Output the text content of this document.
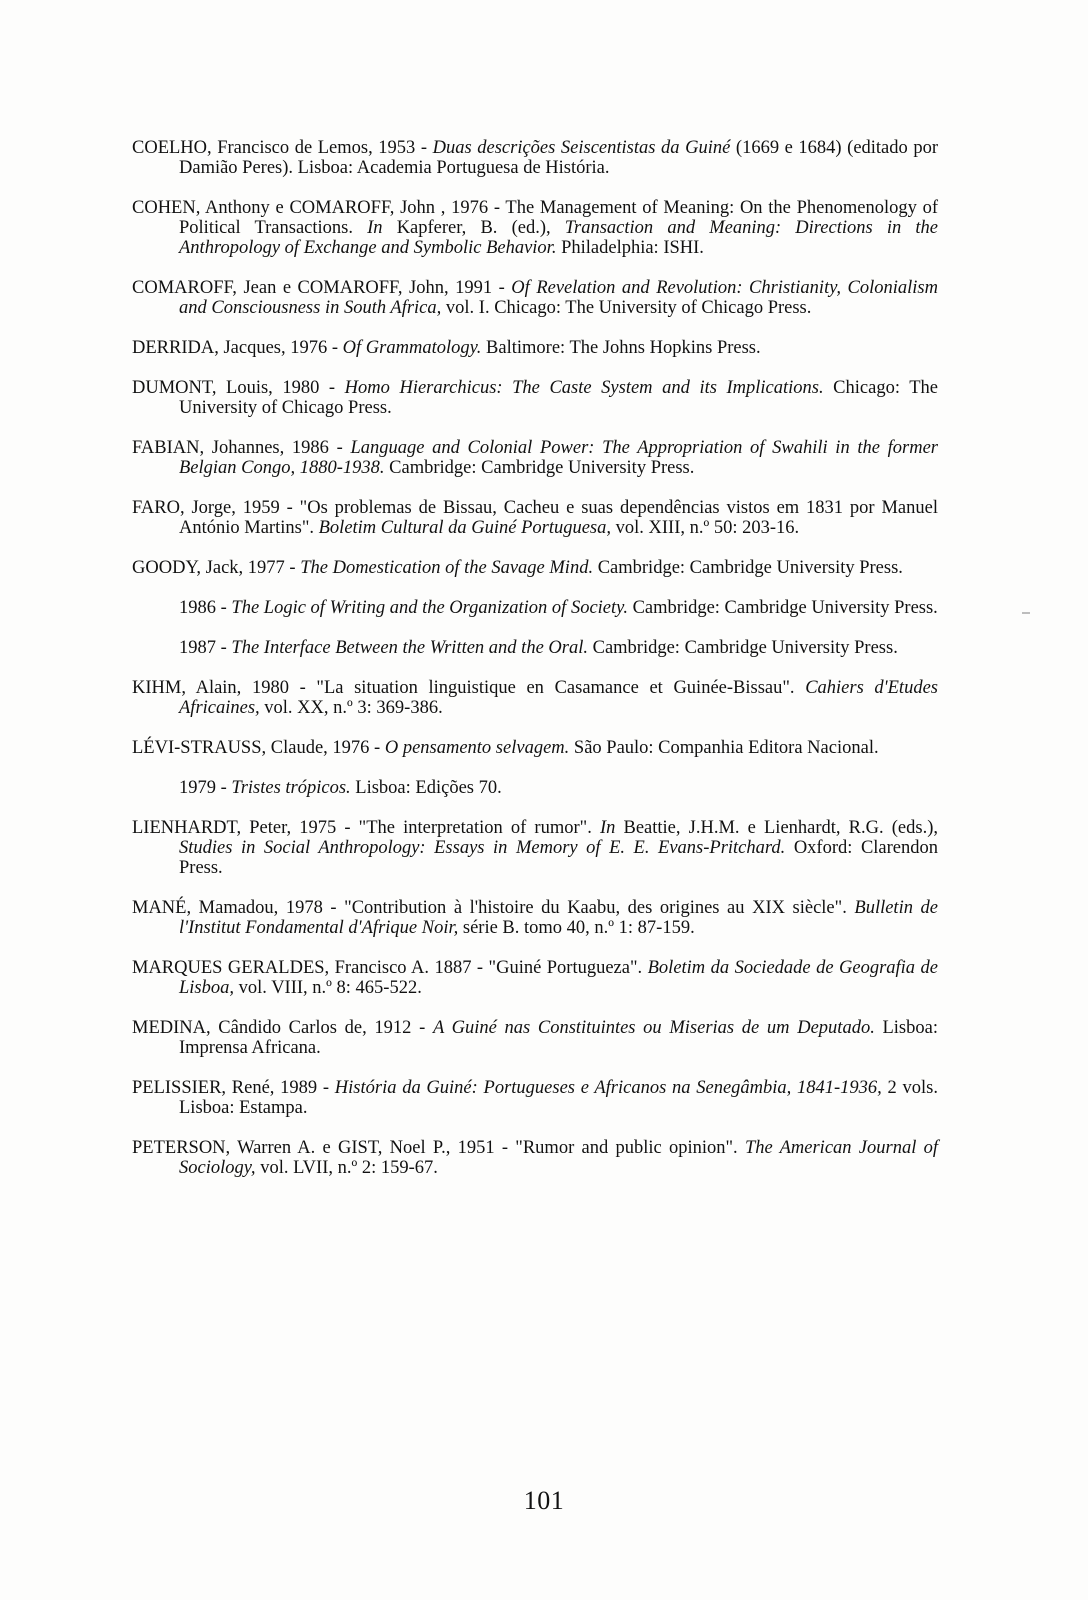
COELHO, Francisco de Lemos, 1953 - Duas descrições Seiscentistas da Guiné (1669 e 1684) (editado por Damião Peres). Lisboa: Academia Portuguesa de História.

COHEN, Anthony e COMAROFF, John , 1976 - The Management of Meaning: On the Phenomenology of Political Transactions. In Kapferer, B. (ed.), Transaction and Meaning: Directions in the Anthropology of Exchange and Symbolic Behavior. Philadelphia: ISHI.

COMAROFF, Jean e COMAROFF, John, 1991 - Of Revelation and Revolution: Christianity, Colonialism and Consciousness in South Africa, vol. I. Chicago: The University of Chicago Press.

DERRIDA, Jacques, 1976 - Of Grammatology. Baltimore: The Johns Hopkins Press.

DUMONT, Louis, 1980 - Homo Hierarchicus: The Caste System and its Implications. Chicago: The University of Chicago Press.

FABIAN, Johannes, 1986 - Language and Colonial Power: The Appropriation of Swahili in the former Belgian Congo, 1880-1938. Cambridge: Cambridge University Press.

FARO, Jorge, 1959 - "Os problemas de Bissau, Cacheu e suas dependências vistos em 1831 por Manuel António Martins". Boletim Cultural da Guiné Portuguesa, vol. XIII, n.º 50: 203-16.

GOODY, Jack, 1977 - The Domestication of the Savage Mind. Cambridge: Cambridge University Press.

1986 - The Logic of Writing and the Organization of Society. Cambridge: Cambridge University Press.

1987 - The Interface Between the Written and the Oral. Cambridge: Cambridge University Press.

KIHM, Alain, 1980 - "La situation linguistique en Casamance et Guinée-Bissau". Cahiers d'Etudes Africaines, vol. XX, n.º 3: 369-386.

LÉVI-STRAUSS, Claude, 1976 - O pensamento selvagem. São Paulo: Companhia Editora Nacional.

1979 - Tristes trópicos. Lisboa: Edições 70.

LIENHARDT, Peter, 1975 - "The interpretation of rumor". In Beattie, J.H.M. e Lienhardt, R.G. (eds.), Studies in Social Anthropology: Essays in Memory of E. E. Evans-Pritchard. Oxford: Clarendon Press.

MANÉ, Mamadou, 1978 - "Contribution à l'histoire du Kaabu, des origines au XIX siècle". Bulletin de l'Institut Fondamental d'Afrique Noir, série B. tomo 40, n.º 1: 87-159.

MARQUES GERALDES, Francisco A. 1887 - "Guiné Portugueza". Boletim da Sociedade de Geografia de Lisboa, vol. VIII, n.º 8: 465-522.

MEDINA, Cândido Carlos de, 1912 - A Guiné nas Constituintes ou Miserias de um Deputado. Lisboa: Imprensa Africana.

PELISSIER, René, 1989 - História da Guiné: Portugueses e Africanos na Senegâmbia, 1841-1936, 2 vols. Lisboa: Estampa.

PETERSON, Warren A. e GIST, Noel P., 1951 - "Rumor and public opinion". The American Journal of Sociology, vol. LVII, n.º 2: 159-67.

101
